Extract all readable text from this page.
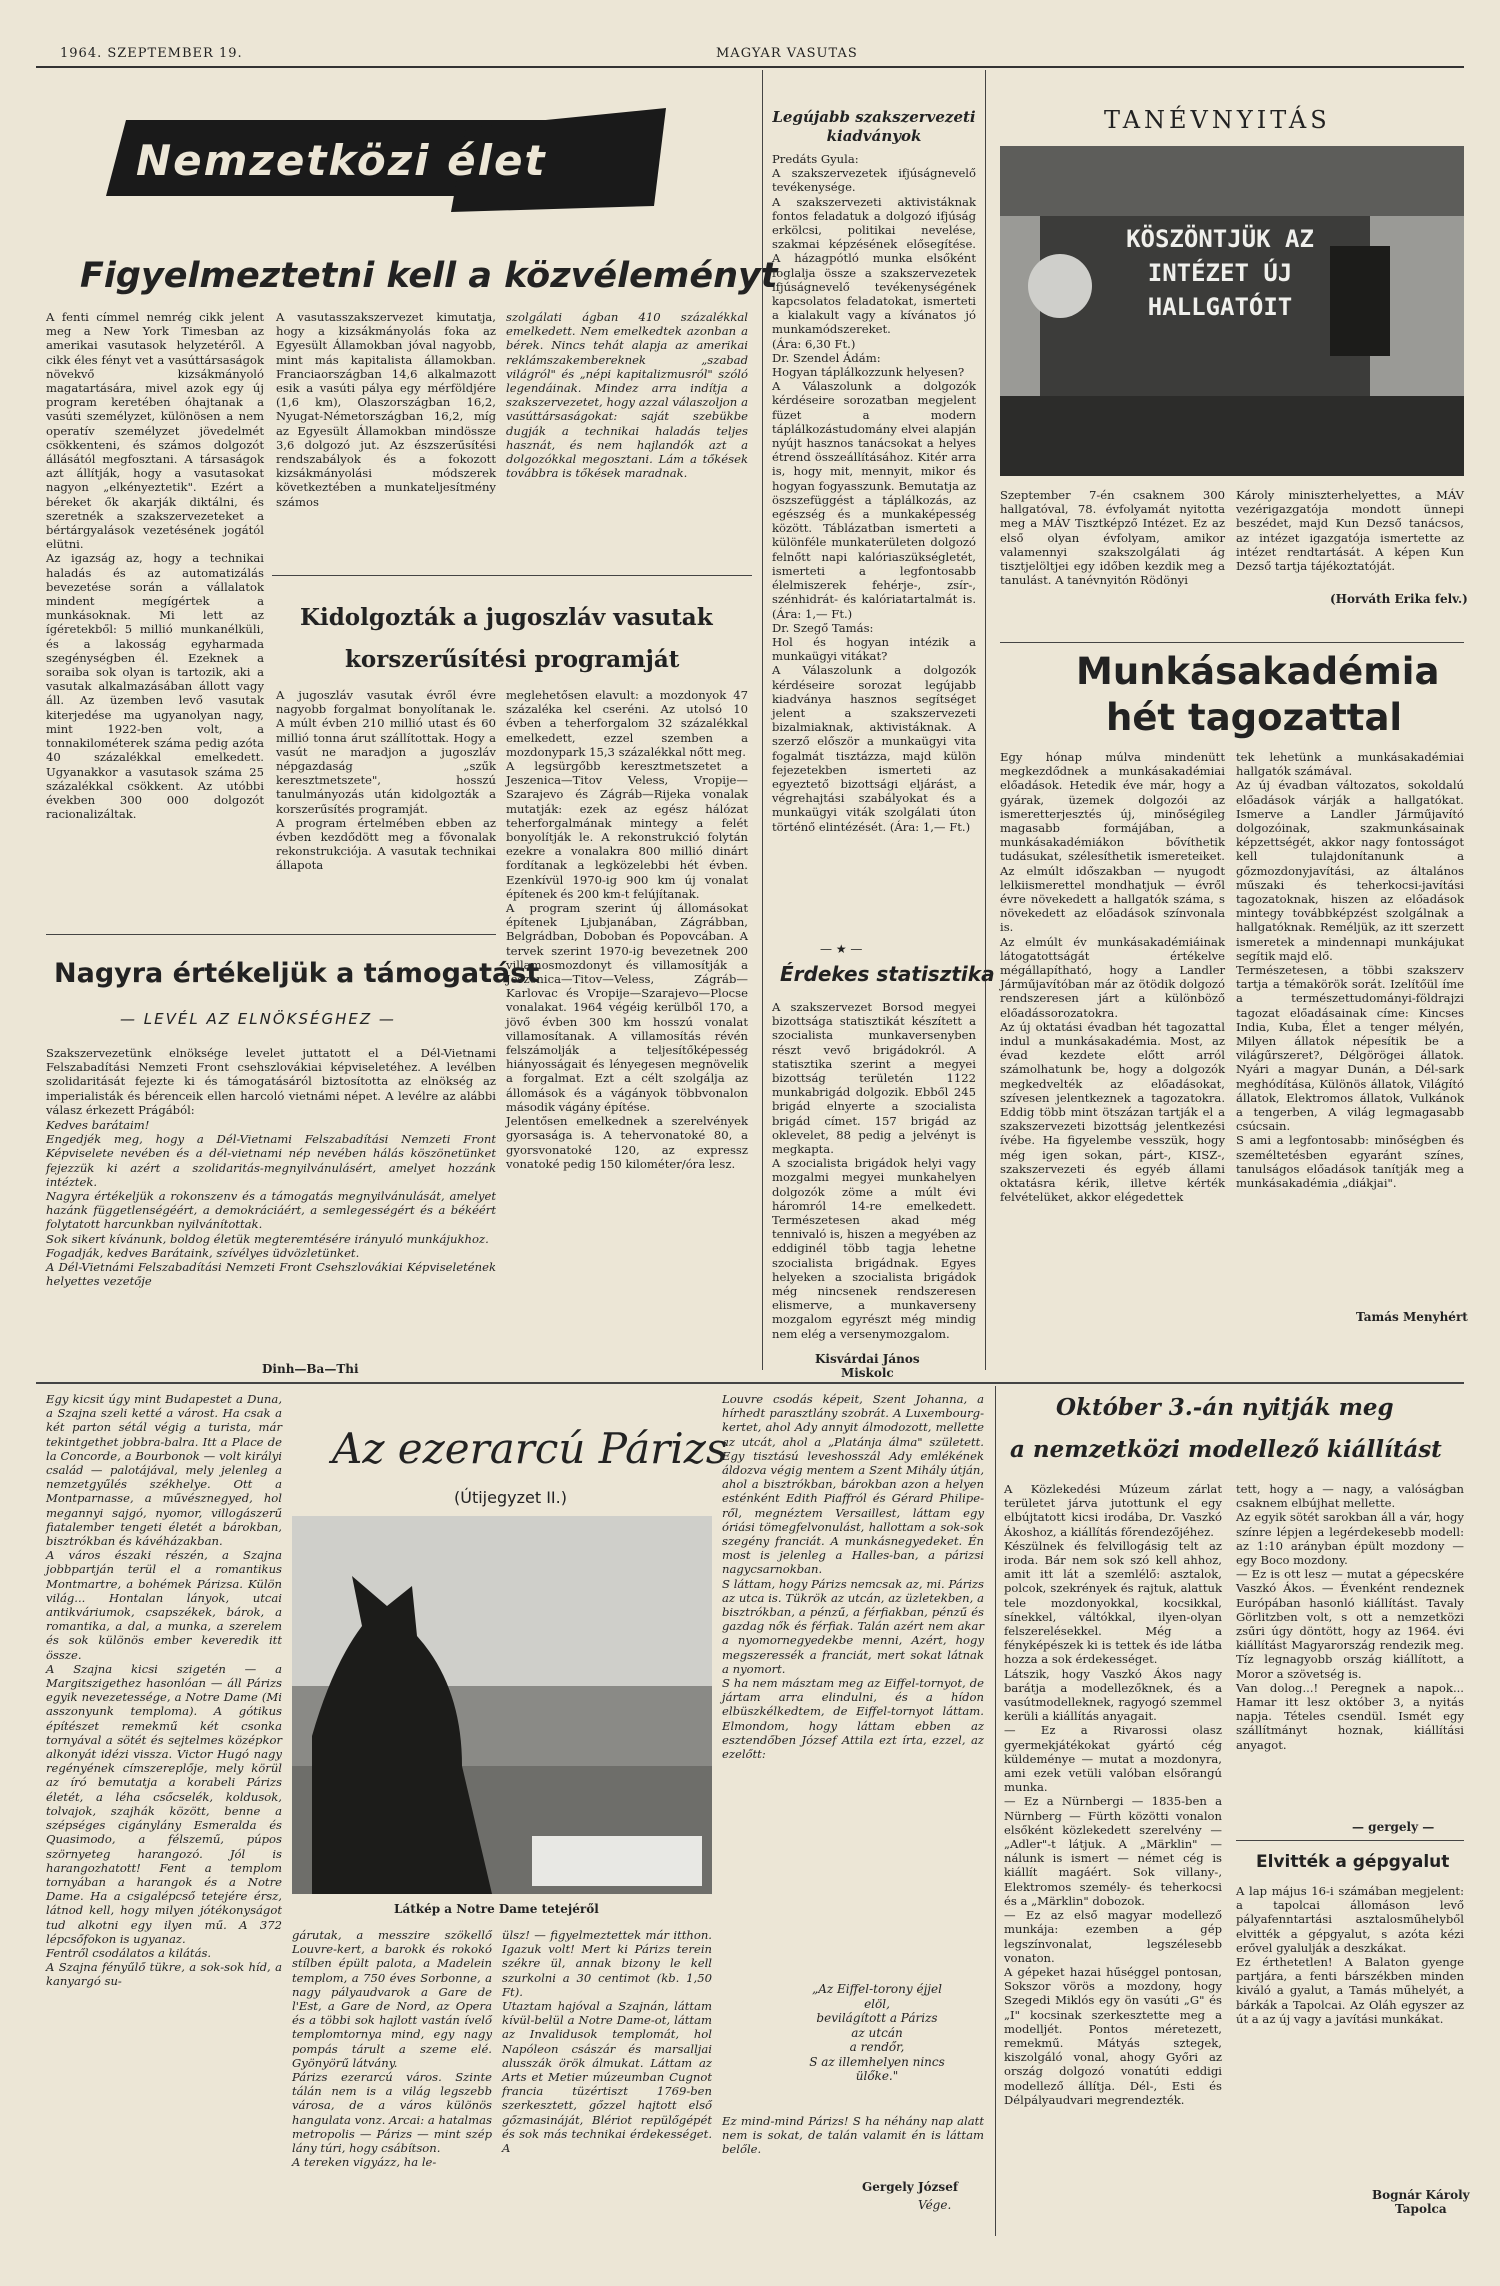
1964. SZEPTEMBER 19.	MAGYAR VASUTAS
Nemzetközi élet
Figyelmeztetni kell a közvéleményt
A fenti címmel nemrég cikk jelent meg a New York Timesban az amerikai vasutasok helyzetéről. A cikk éles fényt vet a vasúttársaságok növekvő kizsákmányoló magatartására, mivel azok egy új program keretében óhajtanak a vasúti személyzet, különösen a nem operatív személyzet jövedelmét csökkenteni, és számos dolgozót állásától megfosztani. A társaságok azt állítják, hogy a vasutasokat nagyon „elkényeztetik". Ezért a béreket ők akarják diktálni, és szeretnék a szakszervezeteket a bértárgyalások vezetésének jogától elütni.
Az igazság az, hogy a technikai haladás és az automatizálás bevezetése során a vállalatok mindent megígértek a munkásoknak. Mi lett az ígéretekből: 5 millió munkanélküli, és a lakosság egyharmada szegénységben él. Ezeknek a soraiba sok olyan is tartozik, aki a vasutak alkalmazásában állott vagy áll. Az üzemben levő vasutak kiterjedése ma ugyanolyan nagy, mint 1922-ben volt, a tonnakilométerek száma pedig azóta 40 százalékkal emelkedett. Ugyanakkor a vasutasok száma 25 százalékkal csökkent. Az utóbbi években 300 000 dolgozót racionalizáltak.
A vasutasszakszervezet kimutatja, hogy a kizsákmányolás foka az Egyesült Államokban jóval nagyobb, mint más kapitalista államokban. Franciaországban 14,6 alkalmazott esik a vasúti pálya egy mérföldjére (1,6 km), Olaszországban 16,2, Nyugat-Németországban 16,2, míg az Egyesült Államokban mindössze 3,6 dolgozó jut. Az észszerűsítési rendszabályok és a fokozott kizsákmányolási módszerek következtében a munkateljesítmény számos
szolgálati ágban 410 százalékkal emelkedett. Nem emelkedtek azonban a bérek. Nincs tehát alapja az amerikai reklámszakembereknek „szabad világról" és „népi kapitalizmusról" szóló legendáinak. Mindez arra indítja a szakszervezetet, hogy azzal válaszoljon a vasúttársaságokat: saját szebükbe dugják a technikai haladás teljes hasznát, és nem hajlandók azt a dolgozókkal megosztani. Lám a tőkések továbbra is tőkések maradnak.
Kidolgozták a jugoszláv vasutak
korszerűsítési programját
A jugoszláv vasutak évről évre nagyobb forgalmat bonyolítanak le. A múlt évben 210 millió utast és 60 millió tonna árut szállítottak. Hogy a vasút ne maradjon a jugoszláv népgazdaság „szűk keresztmetszete", hosszú tanulmányozás után kidolgozták a korszerűsítés programját.
A program értelmében ebben az évben kezdődött meg a fővonalak rekonstrukciója. A vasutak technikai állapota
meglehetősen elavult: a mozdonyok 47 százaléka kel cseréni. Az utolsó 10 évben a teherforgalom 32 százalékkal emelkedett, ezzel szemben a mozdonypark 15,3 százalékkal nőtt meg.
A legsürgőbb keresztmetszetet a Jeszenica—Titov Veless, Vropije—Szarajevo és Zágráb—Rijeka vonalak mutatják: ezek az egész hálózat teherforgalmának mintegy a felét bonyolítják le. A rekonstrukció folytán ezekre a vonalakra 800 millió dinárt fordítanak a legközelebbi hét évben. Ezenkívül 1970-ig 900 km új vonalat építenek és 200 km-t felújítanak.
A program szerint új állomásokat építenek Ljubjanában, Zágrábban, Belgrádban, Doboban és Popovcában. A tervek szerint 1970-ig bevezetnek 200 villamosmozdonyt és villamosítják a Jeszenica—Titov—Veless, Zágráb—Karlovac és Vropije—Szarajevo—Plocse vonalakat. 1964 végéig kerülből 170, a jövő évben 300 km hosszú vonalat villamosítanak. A villamosítás révén felszámolják a teljesítőképesség hiányosságait és lényegesen megnövelik a forgalmat. Ezt a célt szolgálja az állomások és a vágányok többvonalon második vágány építése.
Jelentősen emelkednek a szerelvények gyorsasága is. A tehervonatoké 80, a gyorsvonatoké 120, az expressz vonatoké pedig 150 kilométer/óra lesz.
Nagyra értékeljük a támogatást
— LEVÉL AZ ELNÖKSÉGHEZ —
Szakszervezetünk elnöksége levelet juttatott el a Dél-Vietnami Felszabadítási Nemzeti Front csehszlovákiai képviseletéhez. A levélben szolidaritását fejezte ki és támogatásáról biztosította az elnökség az imperialisták és bérenceik ellen harcoló vietnámi népet. A levélre az alábbi válasz érkezett Prágából:
Kedves barátaim!
Engedjék meg, hogy a Dél-Vietnami Felszabadítási Nemzeti Front Képviselete nevében és a dél-vietnami nép nevében hálás köszönetünket fejezzük ki azért a szolidaritás-megnyilvánulásért, amelyet hozzánk intéztek.
Nagyra értékeljük a rokonszenv és a támogatás megnyilvánulását, amelyet hazánk függetlenségéért, a demokráciáért, a semlegességért és a békéért folytatott harcunkban nyilvánítottak.
Sok sikert kívánunk, boldog életük megteremtésére irányuló munkájukhoz.
Fogadják, kedves Barátaink, szívélyes üdvözletünket.
A Dél-Vietnámi Felszabadítási Nemzeti Front Csehszlovákiai Képviseletének helyettes vezetője
Dinh—Ba—Thi
Legújabb szakszervezeti kiadványok
Predáts Gyula:
A szakszervezetek ifjúságnevelő tevékenysége.
A szakszervezeti aktivistáknak fontos feladatuk a dolgozó ifjúság erkölcsi, politikai nevelése, szakmai képzésének elősegítése. A házagpótló munka elsőként foglalja össze a szakszervezetek ifjúságnevelő tevékenységének kapcsolatos feladatokat, ismerteti a kialakult vagy a kívánatos jó munkamódszereket.
(Ára: 6,30 Ft.)
Dr. Szendel Ádám:
Hogyan táplálkozzunk helyesen?
A Válaszolunk a dolgozók kérdéseire sorozatban megjelent füzet a modern táplálkozástudomány elvei alapján nyújt hasznos tanácsokat a helyes étrend összeállításához. Kitér arra is, hogy mit, mennyit, mikor és hogyan fogyasszunk. Bemutatja az öszszefüggést a táplálkozás, az egészség és a munkaképesség között. Táblázatban ismerteti a különféle munkaterületen dolgozó felnőtt napi kalóriaszükségletét, ismerteti a legfontosabb élelmiszerek fehérje-, zsír-, szénhidrát- és kalóriatartalmát is. (Ára: 1,— Ft.)
Dr. Szegő Tamás:
Hol és hogyan intézik a munkaügyi vitákat?
A Válaszolunk a dolgozók kérdéseire sorozat legújabb kiadványa hasznos segítséget jelent a szakszervezeti bizalmiaknak, aktivistáknak. A szerző először a munkaügyi vita fogalmát tisztázza, majd külön fejezetekben ismerteti az egyeztető bizottsági eljárást, a végrehajtási szabályokat és a munkaügyi viták szolgálati úton történő elintézését. (Ára: 1,— Ft.)
— ★ —
Érdekes statisztika
A szakszervezet Borsod megyei bizottsága statisztikát készített a szocialista munkaversenyben részt vevő brigádokról. A statisztika szerint a megyei bizottság területén 1122 munkabrigád dolgozik. Ebből 245 brigád elnyerte a szocialista brigád címet. 157 brigád az oklevelet, 88 pedig a jelvényt is megkapta.
A szocialista brigádok helyi vagy mozgalmi megyei munkahelyen dolgozók zöme a múlt évi háromról 14-re emelkedett. Természetesen akad még tennivaló is, hiszen a megyében az eddiginél több tagja lehetne szocialista brigádnak. Egyes helyeken a szocialista brigádok még nincsenek rendszeresen elismerve, a munkaverseny mozgalom egyrészt még mindig nem elég a versenymozgalom.
Kisvárdai János
Miskolc
TANÉVNYITÁS
KÖSZÖNTJÜK AZ INTÉZET ÚJ HALLGATÓIT
Szeptember 7-én csaknem 300 hallgatóval, 78. évfolyamát nyitotta meg a MÁV Tisztképző Intézet. Ez az első olyan évfolyam, amikor valamennyi szakszolgálati ág tisztjelöltjei egy időben kezdik meg a tanulást. A tanévnyitón Rödönyi
Károly miniszterhelyettes, a MÁV vezérigazgatója mondott ünnepi beszédet, majd Kun Dezső tanácsos, az intézet igazgatója ismertette az intézet rendtartását. A képen Kun Dezső tartja tájékoztatóját.
(Horváth Erika felv.)
Munkásakadémia
hét tagozattal
Egy hónap múlva mindenütt megkezdődnek a munkásakadémiai előadások. Hetedik éve már, hogy a gyárak, üzemek dolgozói az ismeretterjesztés új, minőségileg magasabb formájában, a munkásakadémiákon bővíthetik tudásukat, szélesíthetik ismereteiket. Az elmúlt időszakban — nyugodt lelkiismerettel mondhatjuk — évről évre növekedett a hallgatók száma, s növekedett az előadások színvonala is.
Az elmúlt év munkásakadémiáinak látogatottságát értékelve mégállapítható, hogy a Landler Járműjavítóban már az ötödik dolgozó rendszeresen járt a különböző előadássorozatokra.
Az új oktatási évadban hét tagozattal indul a munkásakadémia. Most, az évad kezdete előtt arról számolhatunk be, hogy a dolgozók megkedvelték az előadásokat, szívesen jelentkeznek a tagozatokra. Eddig több mint ötszázan tartják el a szakszervezeti bizottság jelentkezési ívébe. Ha figyelembe vesszük, hogy még igen sokan, párt-, KISZ-, szakszervezeti és egyéb állami oktatásra kérik, illetve kérték felvételüket, akkor elégedettek
tek lehetünk a munkásakadémiai hallgatók számával.
Az új évadban változatos, sokoldalú előadások várják a hallgatókat. Ismerve a Landler Járműjavító dolgozóinak, szakmunkásainak képzettségét, akkor nagy fontosságot kell tulajdonítanunk a gőzmozdonyjavítási, az általános műszaki és teherkocsi-javítási tagozatoknak, hiszen az előadások mintegy továbbképzést szolgálnak a hallgatóknak. Reméljük, az itt szerzett ismeretek a mindennapi munkájukat segítik majd elő.
Természetesen, a többi szakszerv tartja a témakörök sorát. Izelítőül íme a természettudományi-földrajzi tagozat előadásainak címe: Kincses India, Kuba, Élet a tenger mélyén, Milyen állatok népesítik be a világűrszeret?, Délgörögei állatok. Nyári a magyar Dunán, a Dél-sark meghódítása, Különös állatok, Világító állatok, Elektromos állatok, Vulkánok a tengerben, A világ legmagasabb csúcsain.
S ami a legfontosabb: minőségben és személtetésben egyaránt színes, tanulságos előadások tanítják meg a munkásakadémia „diákjai".
Tamás Menyhért
Az ezerarcú Párizs
(Útijegyzet II.)
Látkép a Notre Dame tetejéről
Egy kicsit úgy mint Budapestet a Duna, a Szajna szeli ketté a várost. Ha csak a két parton sétál végig a turista, már tekintgethet jobbra-balra. Itt a Place de la Concorde, a Bourbonok — volt királyi család — palotájával, mely jelenleg a nemzetgyűlés székhelye. Ott a Montparnasse, a művésznegyed, hol megannyi sajgó, nyomor, villogászerű fiatalember tengeti életét a bárokban, bisztrókban és kávéházakban.
A város északi részén, a Szajna jobbpartján terül el a romantikus Montmartre, a bohémek Párizsa. Külön világ... Hontalan lányok, utcai antikváriumok, csapszékek, bárok, a romantika, a dal, a munka, a szerelem és sok különös ember keveredik itt össze.
A Szajna kicsi szigetén — a Margitszigethez hasonlóan — áll Párizs egyik nevezetessége, a Notre Dame (Mi asszonyunk temploma). A gótikus építészet remekmű két csonka tornyával a sötét és sejtelmes középkor alkonyát idézi vissza. Victor Hugó nagy regényének címszereplője, mely körül az író bemutatja a korabeli Párizs életét, a léha csőcselék, koldusok, tolvajok, szajhák között, benne a szépséges cigánylány Esmeralda és Quasimodo, a félszemű, púpos szörnyeteg harangozó. Jól is harangozhatott! Fent a templom tornyában a harangok és a Notre Dame. Ha a csigalépcső tetejére érsz, látnod kell, hogy milyen jótékonyságot tud alkotni egy ilyen mű. A 372 lépcsőfokon is ugyanaz.
Fentről csodálatos a kilátás.
A Szajna fényűlő tükre, a sok-sok híd, a kanyargó su-
gárutak, a messzire szökellő Louvre-kert, a barokk és rokokó stílben épült palota, a Madelein templom, a 750 éves Sorbonne, a nagy pályaudvarok a Gare de l'Est, a Gare de Nord, az Opera és a többi sok hajlott vastán ívelő templomtornya mind, egy nagy pompás tárult a szeme elé. Gyönyörű látvány.
Párizs ezerarcú város. Szinte tálán nem is a világ legszebb városa, de a város különös hangulata vonz. Arcai: a hatalmas metropolis — Párizs — mint szép lány túri, hogy csábítson.
A tereken vigyázz, ha le-
ülsz! — figyelmeztettek már itthon. Igazuk volt! Mert ki Párizs terein székre ül, annak bizony le kell szurkolni a 30 centimot (kb. 1,50 Ft).
Utaztam hajóval a Szajnán, láttam kívül-belül a Notre Dame-ot, láttam az Invalidusok templomát, hol Napóleon császár és marsalljai alusszák örök álmukat. Láttam az Arts et Metier múzeumban Cugnot francia tüzértiszt 1769-ben szerkesztett, gőzzel hajtott első gőzmasináját, Blériot repülőgépét és sok más technikai érdekességet. A
Louvre csodás képeit, Szent Johanna, a hírhedt parasztlány szobrát. A Luxembourg-kertet, ahol Ady annyit álmodozott, mellette az utcát, ahol a „Platánja álma" született. Egy tisztású leveshosszál Ady emlékének áldozva végig mentem a Szent Mihály útján, ahol a bisztrókban, bárokban azon a helyen esténként Edith Piaffról és Gérard Philipe-ről, megnéztem Versaillest, láttam egy óriási tömegfelvonulást, hallottam a sok-sok szegény franciát. A munkásnegyedeket. Én most is jelenleg a Halles-ban, a párizsi nagycsarnokban.
S láttam, hogy Párizs nemcsak az, mi. Párizs az utca is. Tükrök az utcán, az üzletekben, a bisztrókban, a pénzű, a férfiakban, pénzű és gazdag nők és férfiak. Talán azért nem akar a nyomornegyedekbe menni, Azért, hogy megszeressék a franciát, mert sokat látnak a nyomort.
S ha nem másztam meg az Eiffel-tornyot, de jártam arra elindulni, és a hídon elbüszkélkedtem, de Eiffel-tornyot láttam. Elmondom, hogy láttam ebben az esztendőben József Attila ezt írta, ezzel, az ezelőtt:
„Az Eiffel-torony éjjel
elöl,
bevilágított a Párizs
az utcán
a rendőr,
S az illemhelyen nincs
ülőke."
Ez mind-mind Párizs! S ha néhány nap alatt nem is sokat, de talán valamit én is láttam belőle.
Gergely József
Vége.
Október 3.-án nyitják meg
a nemzetközi modellező kiállítást
A Közlekedési Múzeum zárlat területet járva jutottunk el egy elbújtatott kicsi irodába, Dr. Vaszkó Ákoshoz, a kiállítás főrendezőjéhez.
Készülnek és felvillogásig telt az iroda. Bár nem sok szó kell ahhoz, amit itt lát a szemlélő: asztalok, polcok, szekrények és rajtuk, alattuk tele mozdonyokkal, kocsikkal, sínekkel, váltókkal, ilyen-olyan felszerelésekkel. Még a fényképészek ki is tettek és ide látba hozza a sok érdekességet.
Látszik, hogy Vaszkó Ákos nagy barátja a modellezőknek, és a vasútmodelleknek, ragyogó szemmel kerüli a kiállítás anyagait.
— Ez a Rivarossi olasz gyermekjátékokat gyártó cég küldeménye — mutat a mozdonyra, ami ezek vetüli valóban elsőrangú munka.
— Ez a Nürnbergi — 1835-ben a Nürnberg — Fürth közötti vonalon elsőként közlekedett szerelvény — „Adler"-t látjuk. A „Märklin" — nálunk is ismert — német cég is kiállít magáért. Sok villany-, Elektromos személy- és teherkocsi és a „Märklin" dobozok.
— Ez az első magyar modellező munkája: ezemben a gép legszínvonalat, legszélesebb vonaton.
A gépeket hazai hűséggel pontosan, Sokszor vörös a mozdony, hogy Szegedi Miklós egy ön vasúti „G" és „I" kocsinak szerkesztette meg a modelljét. Pontos méretezett, remekmű. Mátyás sztegek, kiszolgáló vonal, ahogy Győri az ország dolgozó vonatúti eddigi modellező állítja. Dél-, Esti és Délpályaudvari megrendezték.
tett, hogy a — nagy, a valóságban csaknem elbújhat mellette.
Az egyik sötét sarokban áll a vár, hogy színre lépjen a legérdekesebb modell: az 1:10 arányban épült mozdony — egy Boco mozdony.
— Ez is ott lesz — mutat a gépecskére Vaszkó Ákos. — Évenként rendeznek Európában hasonló kiállítást. Tavaly Görlitzben volt, s ott a nemzetközi zsűri úgy döntött, hogy az 1964. évi kiállítást Magyarország rendezik meg. Tíz legnagyobb ország kiállított, a Moror a szövetség is.
Van dolog...! Peregnek a napok... Hamar itt lesz október 3, a nyitás napja. Tételes csendül. Ismét egy szállítmányt hoznak, kiállítási anyagot.
— gergely —
Elvitték a gépgyalut
A lap május 16-i számában megjelent: a tapolcai állomáson levő pályafenntartási asztalosműhelyből elvitték a gépgyalut, s azóta kézi erővel gyalulják a deszkákat.
Ez érthetetlen! A Balaton gyenge partjára, a fenti bárszékben minden kiváló a gyalut, a Tamás műhelyét, a bárkák a Tapolcai. Az Oláh egyszer az út a az új vagy a javítási munkákat.
Bognár Károly
Tapolca
